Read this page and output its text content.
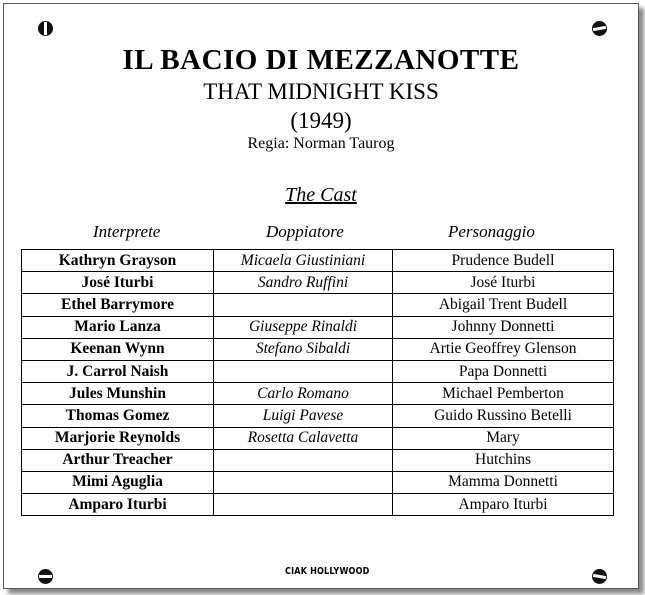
IL BACIO DI MEZZANOTTE
THAT MIDNIGHT KISS
(1949)
Regia: Norman Taurog
The Cast
Interprete	Doppiatore	Personaggio
Kathryn Grayson	Micaela Giustiniani	Prudence Budell
José Iturbi	Sandro Ruffini	José Iturbi
Ethel Barrymore		Abigail Trent Budell
Mario Lanza	Giuseppe Rinaldi	Johnny Donnetti
Keenan Wynn	Stefano Sibaldi	Artie Geoffrey Glenson
J. Carrol Naish		Papa Donnetti
Jules Munshin	Carlo Romano	Michael Pemberton
Thomas Gomez	Luigi Pavese	Guido Russino Betelli
Marjorie Reynolds	Rosetta Calavetta	Mary
Arthur Treacher		Hutchins
Mimi Aguglia		Mamma Donnetti
Amparo Iturbi		Amparo Iturbi
CIAK HOLLYWOOD
